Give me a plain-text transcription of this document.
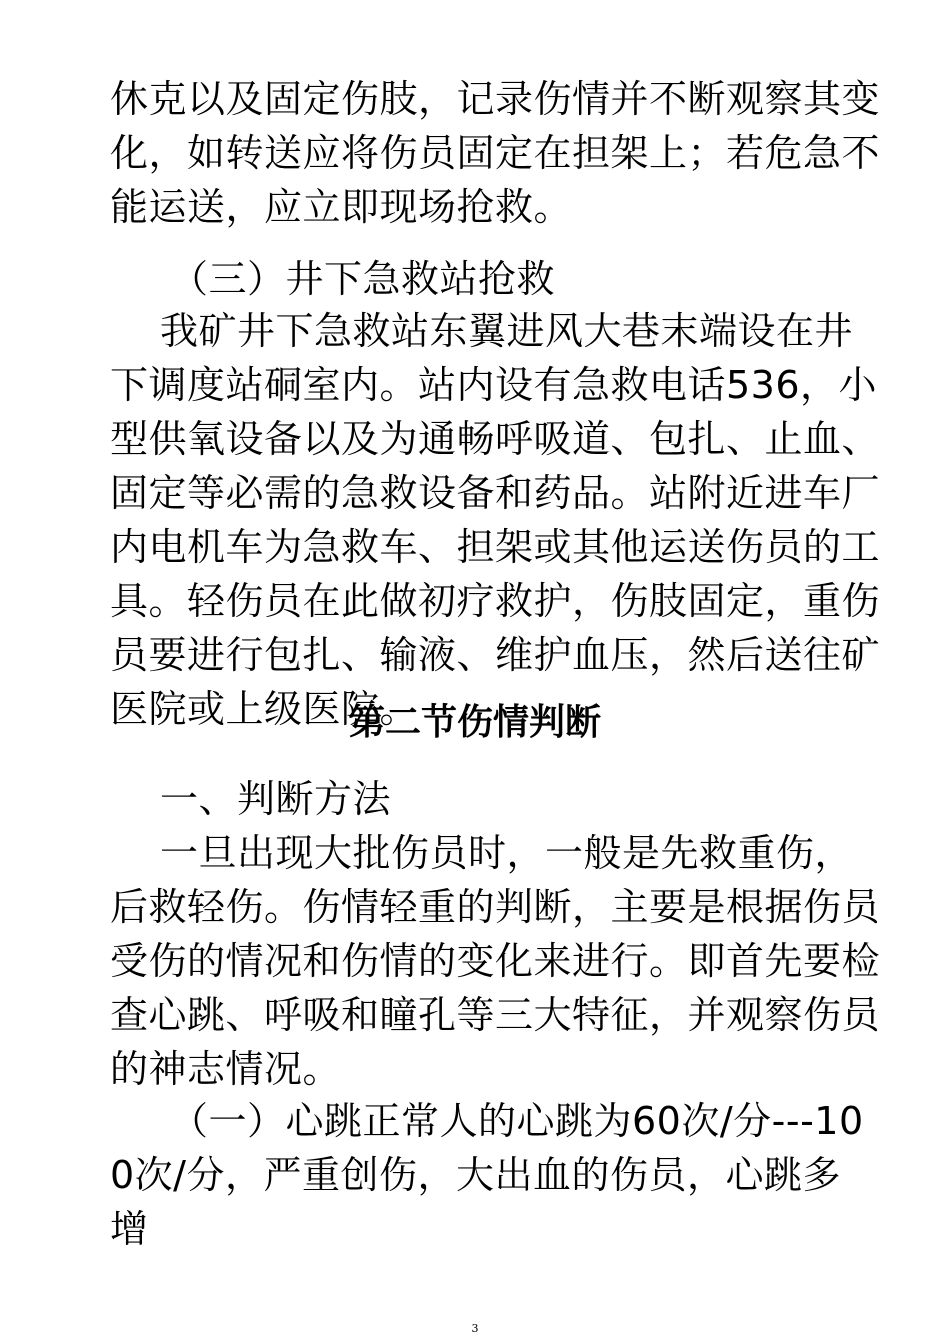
休克以及固定伤肢，记录伤情并不断观察其变
化，如转送应将伤员固定在担架上；若危急不
能运送，应立即现场抢救。
（三）井下急救站抢救
我矿井下急救站东翼进风大巷末端设在井
下调度站硐室内。站内设有急救电话536，小
型供氧设备以及为通畅呼吸道、包扎、止血、
固定等必需的急救设备和药品。站附近进车厂
内电机车为急救车、担架或其他运送伤员的工
具。轻伤员在此做初疗救护，伤肢固定，重伤
员要进行包扎、输液、维护血压，然后送往矿
医院或上级医院。
第二节伤情判断
一、判断方法
一旦出现大批伤员时，一般是先救重伤，
后救轻伤。伤情轻重的判断，主要是根据伤员
受伤的情况和伤情的变化来进行。即首先要检
查心跳、呼吸和瞳孔等三大特征，并观察伤员
的神志情况。
（一）心跳正常人的心跳为60次/分---10
0次/分，严重创伤，大出血的伤员，心跳多
增
3
